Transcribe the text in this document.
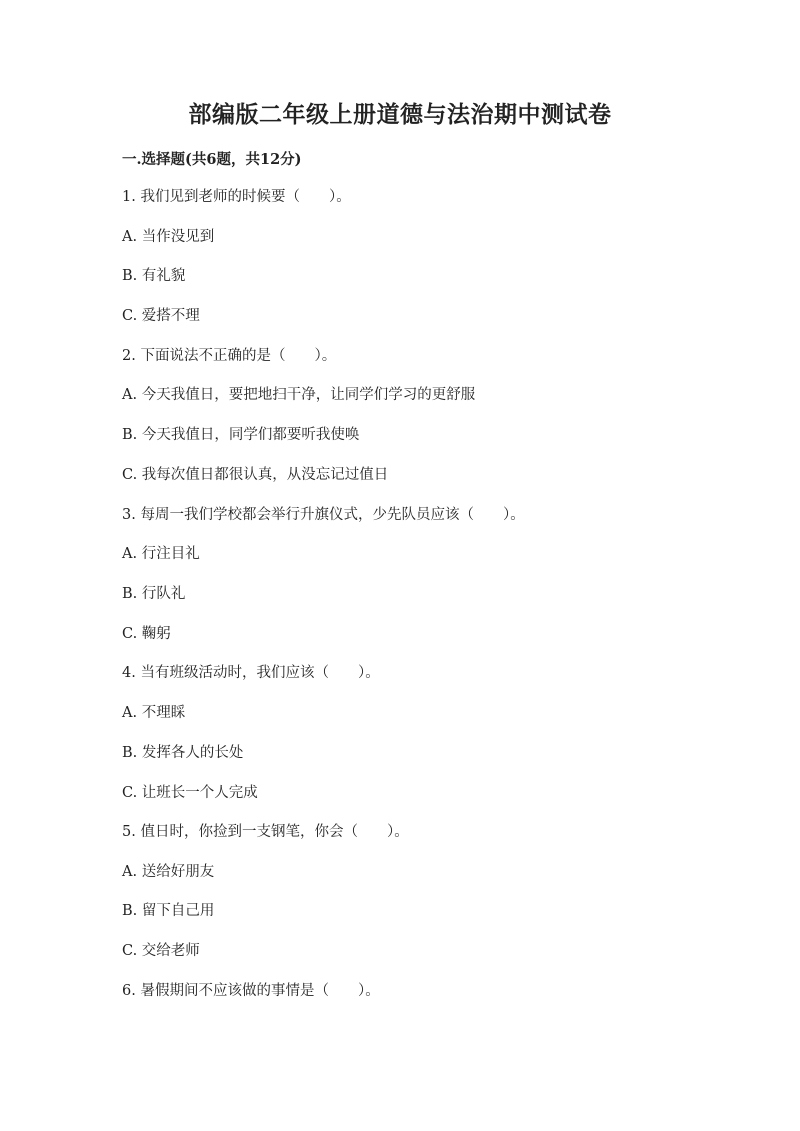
部编版二年级上册道德与法治期中测试卷
一.选择题(共6题，共12分)
1. 我们见到老师的时候要（　　）。
A. 当作没见到
B. 有礼貌
C. 爱搭不理
2. 下面说法不正确的是（　　）。
A. 今天我值日，要把地扫干净，让同学们学习的更舒服
B. 今天我值日，同学们都要听我使唤
C. 我每次值日都很认真，从没忘记过值日
3. 每周一我们学校都会举行升旗仪式，少先队员应该（　　）。
A. 行注目礼
B. 行队礼
C. 鞠躬
4. 当有班级活动时，我们应该（　　）。
A. 不理睬
B. 发挥各人的长处
C. 让班长一个人完成
5. 值日时，你捡到一支钢笔，你会（　　）。
A. 送给好朋友
B. 留下自己用
C. 交给老师
6. 暑假期间不应该做的事情是（　　）。
